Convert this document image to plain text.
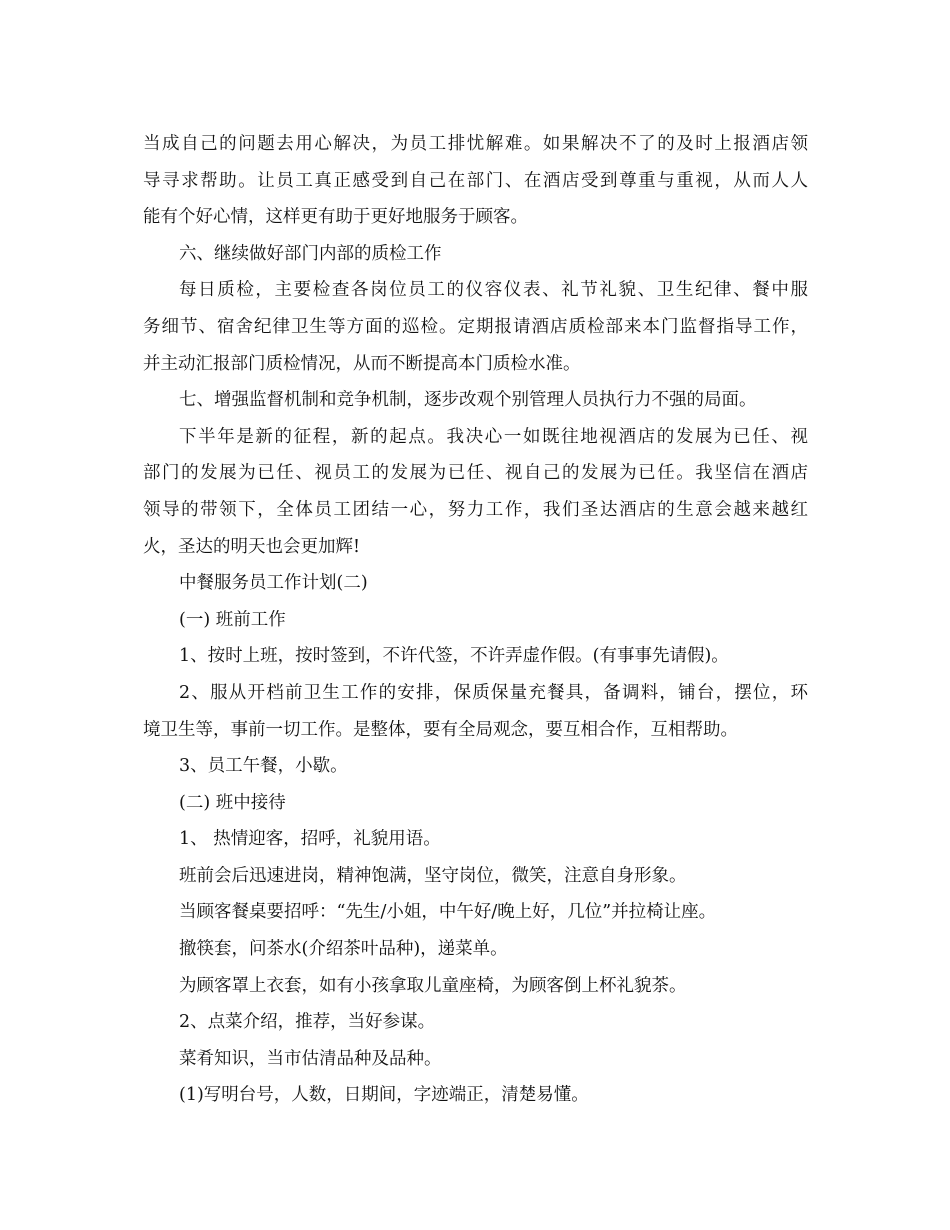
当成自己的问题去用心解决，为员工排忧解难。如果解决不了的及时上报酒店领
导寻求帮助。让员工真正感受到自己在部门、在酒店受到尊重与重视，从而人人
能有个好心情，这样更有助于更好地服务于顾客。
六、继续做好部门内部的质检工作
每日质检，主要检查各岗位员工的仪容仪表、礼节礼貌、卫生纪律、餐中服
务细节、宿舍纪律卫生等方面的巡检。定期报请酒店质检部来本门监督指导工作，
并主动汇报部门质检情况，从而不断提高本门质检水准。
七、增强监督机制和竞争机制，逐步改观个别管理人员执行力不强的局面。
下半年是新的征程，新的起点。我决心一如既往地视酒店的发展为已任、视
部门的发展为已任、视员工的发展为已任、视自己的发展为已任。我坚信在酒店
领导的带领下，全体员工团结一心，努力工作，我们圣达酒店的生意会越来越红
火，圣达的明天也会更加辉!
中餐服务员工作计划(二)
(一) 班前工作
1、按时上班，按时签到，不许代签，不许弄虚作假。(有事事先请假)。
2、服从开档前卫生工作的安排，保质保量充餐具，备调料，铺台，摆位，环
境卫生等，事前一切工作。是整体，要有全局观念，要互相合作，互相帮助。
3、员工午餐，小歇。
(二) 班中接待
1、 热情迎客，招呼，礼貌用语。
班前会后迅速进岗，精神饱满，坚守岗位，微笑，注意自身形象。
当顾客餐桌要招呼：“先生/小姐，中午好/晚上好，几位”并拉椅让座。
撤筷套，问茶水(介绍茶叶品种)，递菜单。
为顾客罩上衣套，如有小孩拿取儿童座椅，为顾客倒上杯礼貌茶。
2、点菜介绍，推荐，当好参谋。
菜肴知识，当市估清品种及品种。
(1)写明台号，人数，日期间，字迹端正，清楚易懂。
